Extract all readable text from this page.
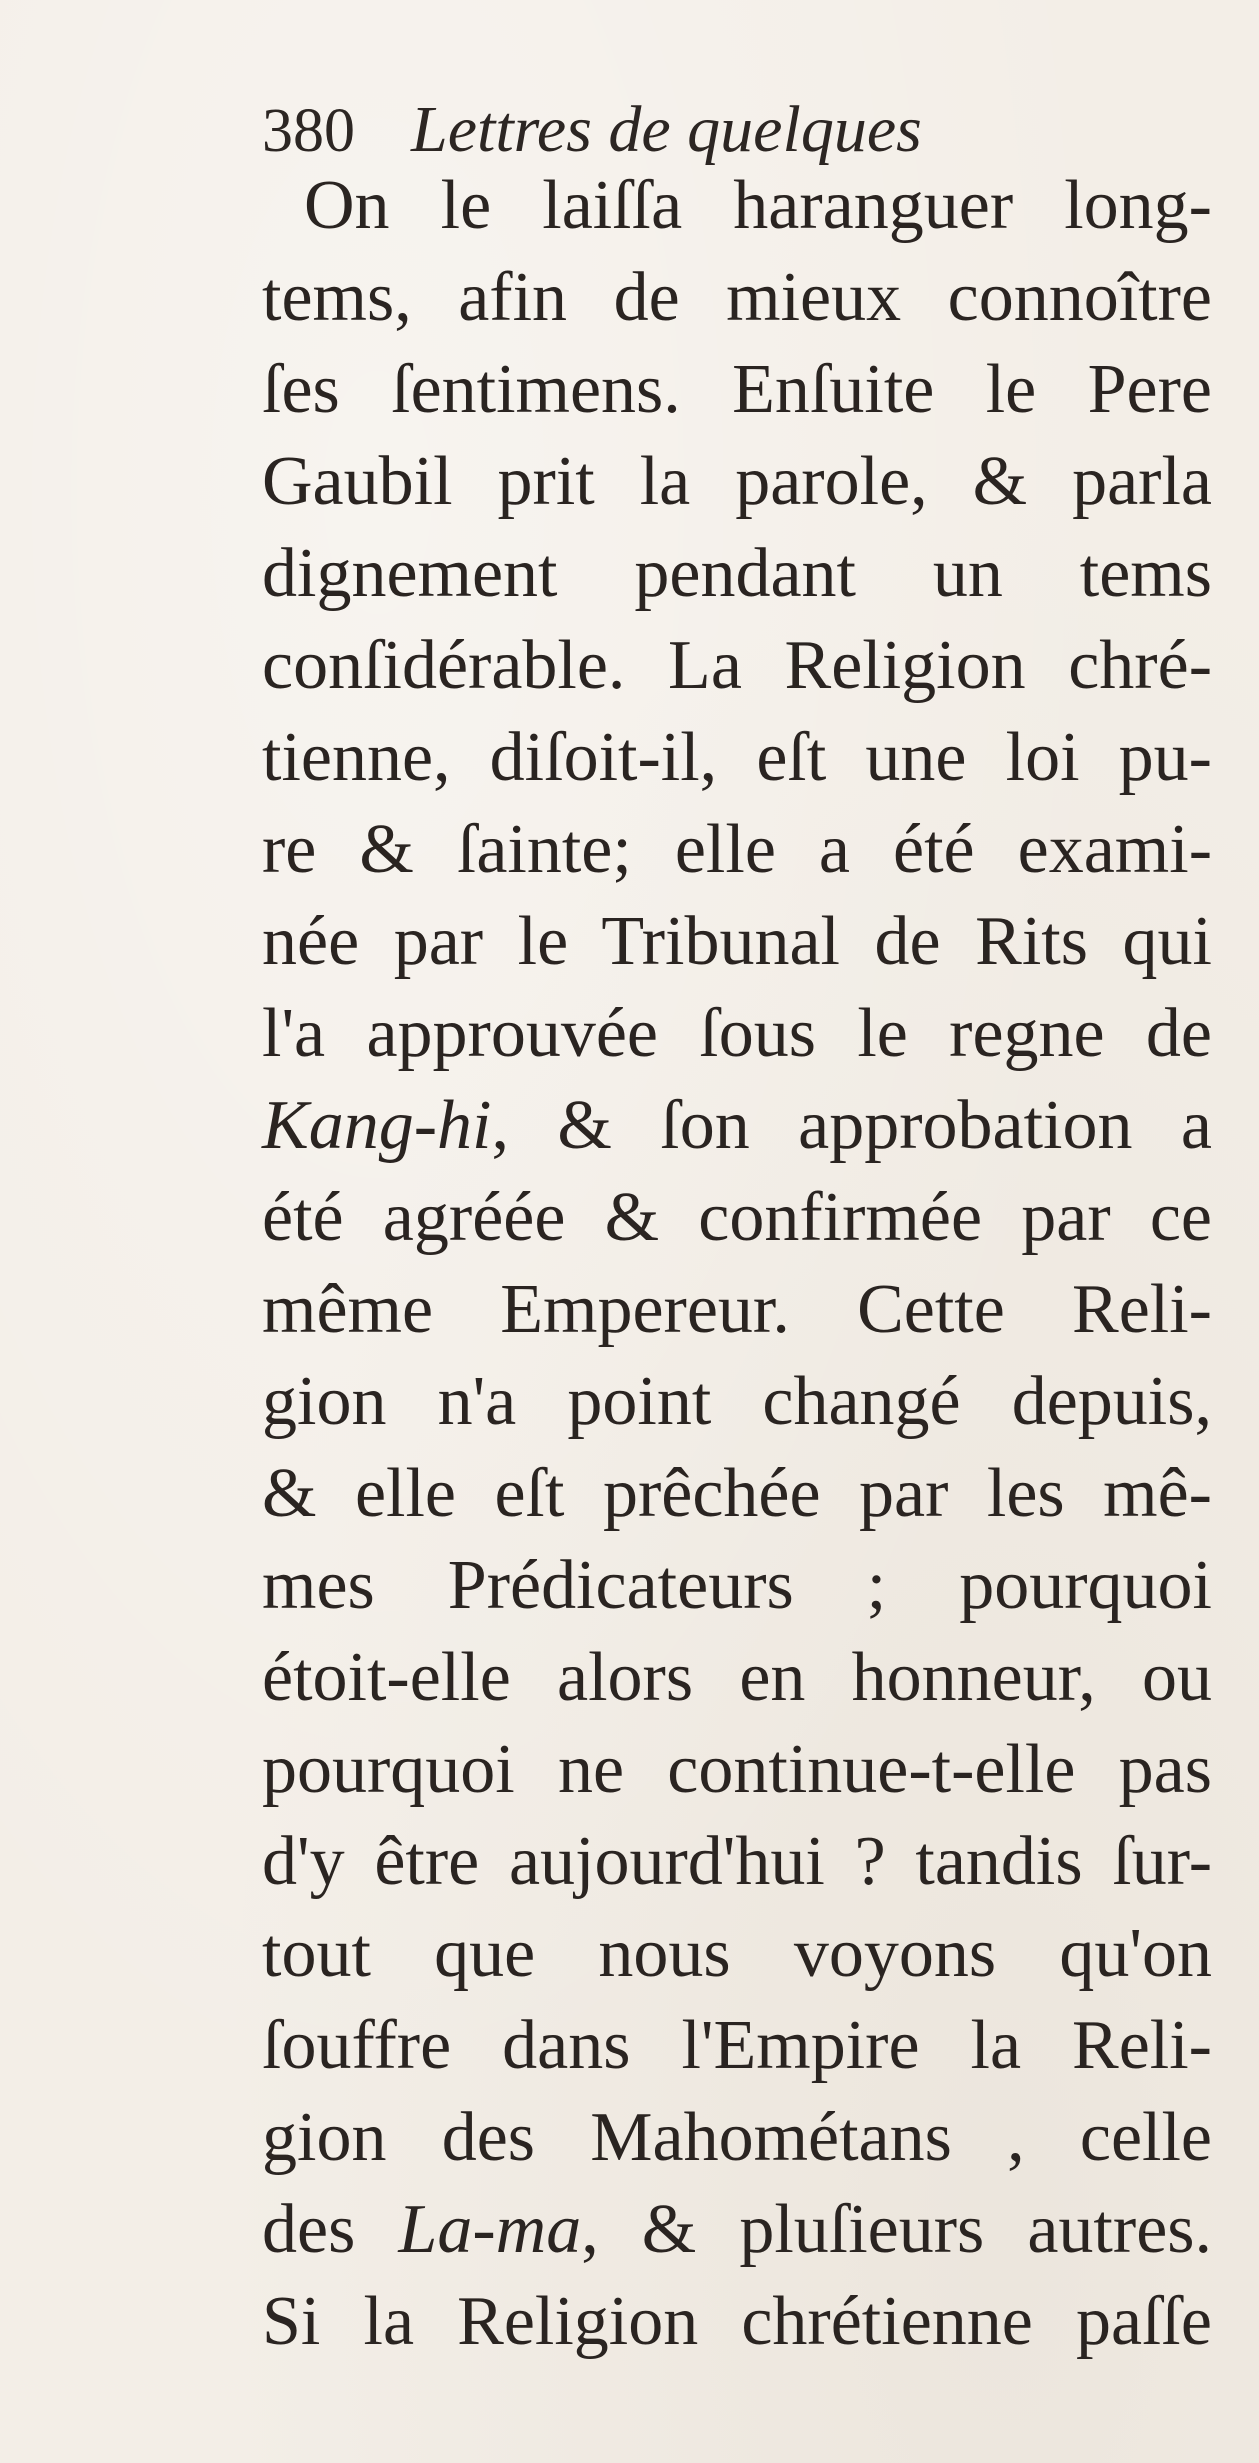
380 Lettres de quelques
On le laiſſa haranguer long-
tems, afin de mieux connoître
ſes ſentimens. Enſuite le Pere
Gaubil prit la parole, & parla
dignement pendant un tems
conſidérable. La Religion chré-
tienne, diſoit-il, eſt une loi pu-
re & ſainte; elle a été exami-
née par le Tribunal de Rits qui
l'a approuvée ſous le regne de
Kang-hi, & ſon approbation a
été agréée & confirmée par ce
même Empereur. Cette Reli-
gion n'a point changé depuis,
& elle eſt prêchée par les mê-
mes Prédicateurs ; pourquoi
étoit-elle alors en honneur, ou
pourquoi ne continue-t-elle pas
d'y être aujourd'hui ? tandis ſur-
tout que nous voyons qu'on
ſouffre dans l'Empire la Reli-
gion des Mahométans , celle
des La-ma, & pluſieurs autres.
Si la Religion chrétienne paſſe
